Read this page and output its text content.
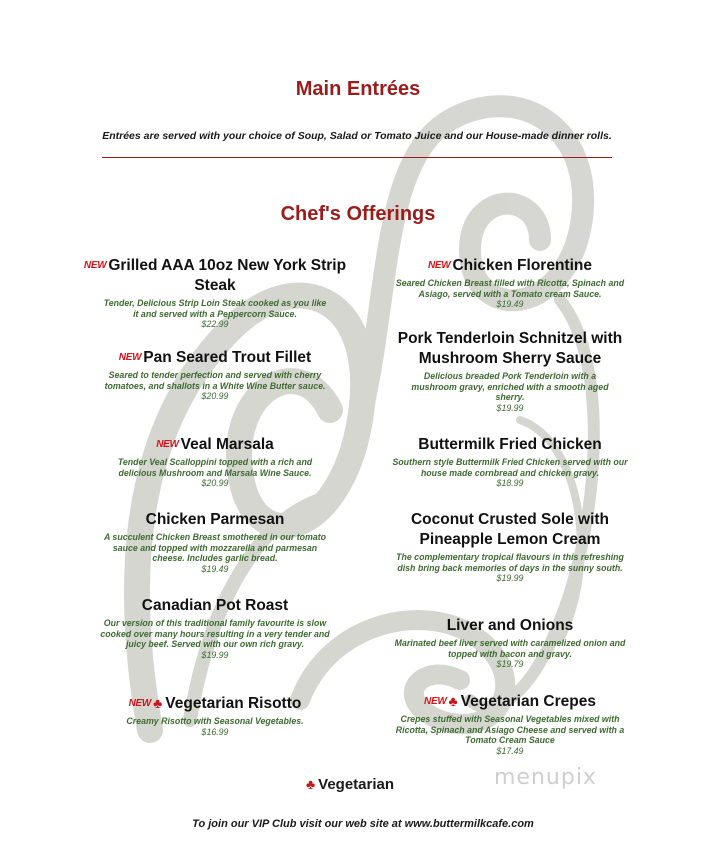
Main Entrées
Entrées are served with your choice of Soup, Salad or Tomato Juice and our House-made dinner rolls.
Chef's Offerings
NEW Grilled AAA 10oz New York Strip Steak
Tender, Delicious Strip Loin Steak cooked as you like it and served with a Peppercorn Sauce.
$22.99
NEW Pan Seared Trout Fillet
Seared to tender perfection and served with cherry tomatoes, and shallots in a White Wine Butter sauce.
$20.99
NEW Veal Marsala
Tender Veal Scalloppini topped with a rich and delicious Mushroom and Marsala Wine Sauce.
$20.99
Chicken Parmesan
A succulent Chicken Breast smothered in our tomato sauce and topped with mozzarella and parmesan cheese. Includes garlic bread.
$19.49
Canadian Pot Roast
Our version of this traditional family favourite is slow cooked over many hours resulting in a very tender and juicy beef. Served with our own rich gravy.
$19.99
NEW ♣ Vegetarian Risotto
Creamy Risotto with Seasonal Vegetables.
$16.99
NEW Chicken Florentine
Seared Chicken Breast filled with Ricotta, Spinach and Asiago, served with a Tomato cream Sauce.
$19.49
Pork Tenderloin Schnitzel with Mushroom Sherry Sauce
Delicious breaded Pork Tenderloin with a mushroom gravy, enriched with a smooth aged sherry.
$19.99
Buttermilk Fried Chicken
Southern style Buttermilk Fried Chicken served with our house made cornbread and chicken gravy.
$18.99
Coconut Crusted Sole with Pineapple Lemon Cream
The complementary tropical flavours in this refreshing dish bring back memories of days in the sunny south.
$19.99
Liver and Onions
Marinated beef liver served with caramelized onion and topped with bacon and gravy.
$19.79
NEW ♣ Vegetarian Crepes
Crepes stuffed with Seasonal Vegetables mixed with Ricotta, Spinach and Asiago Cheese and served with a Tomato Cream Sauce
$17.49
♣ Vegetarian	menupix
To join our VIP Club visit our web site at www.buttermilkcafe.com
